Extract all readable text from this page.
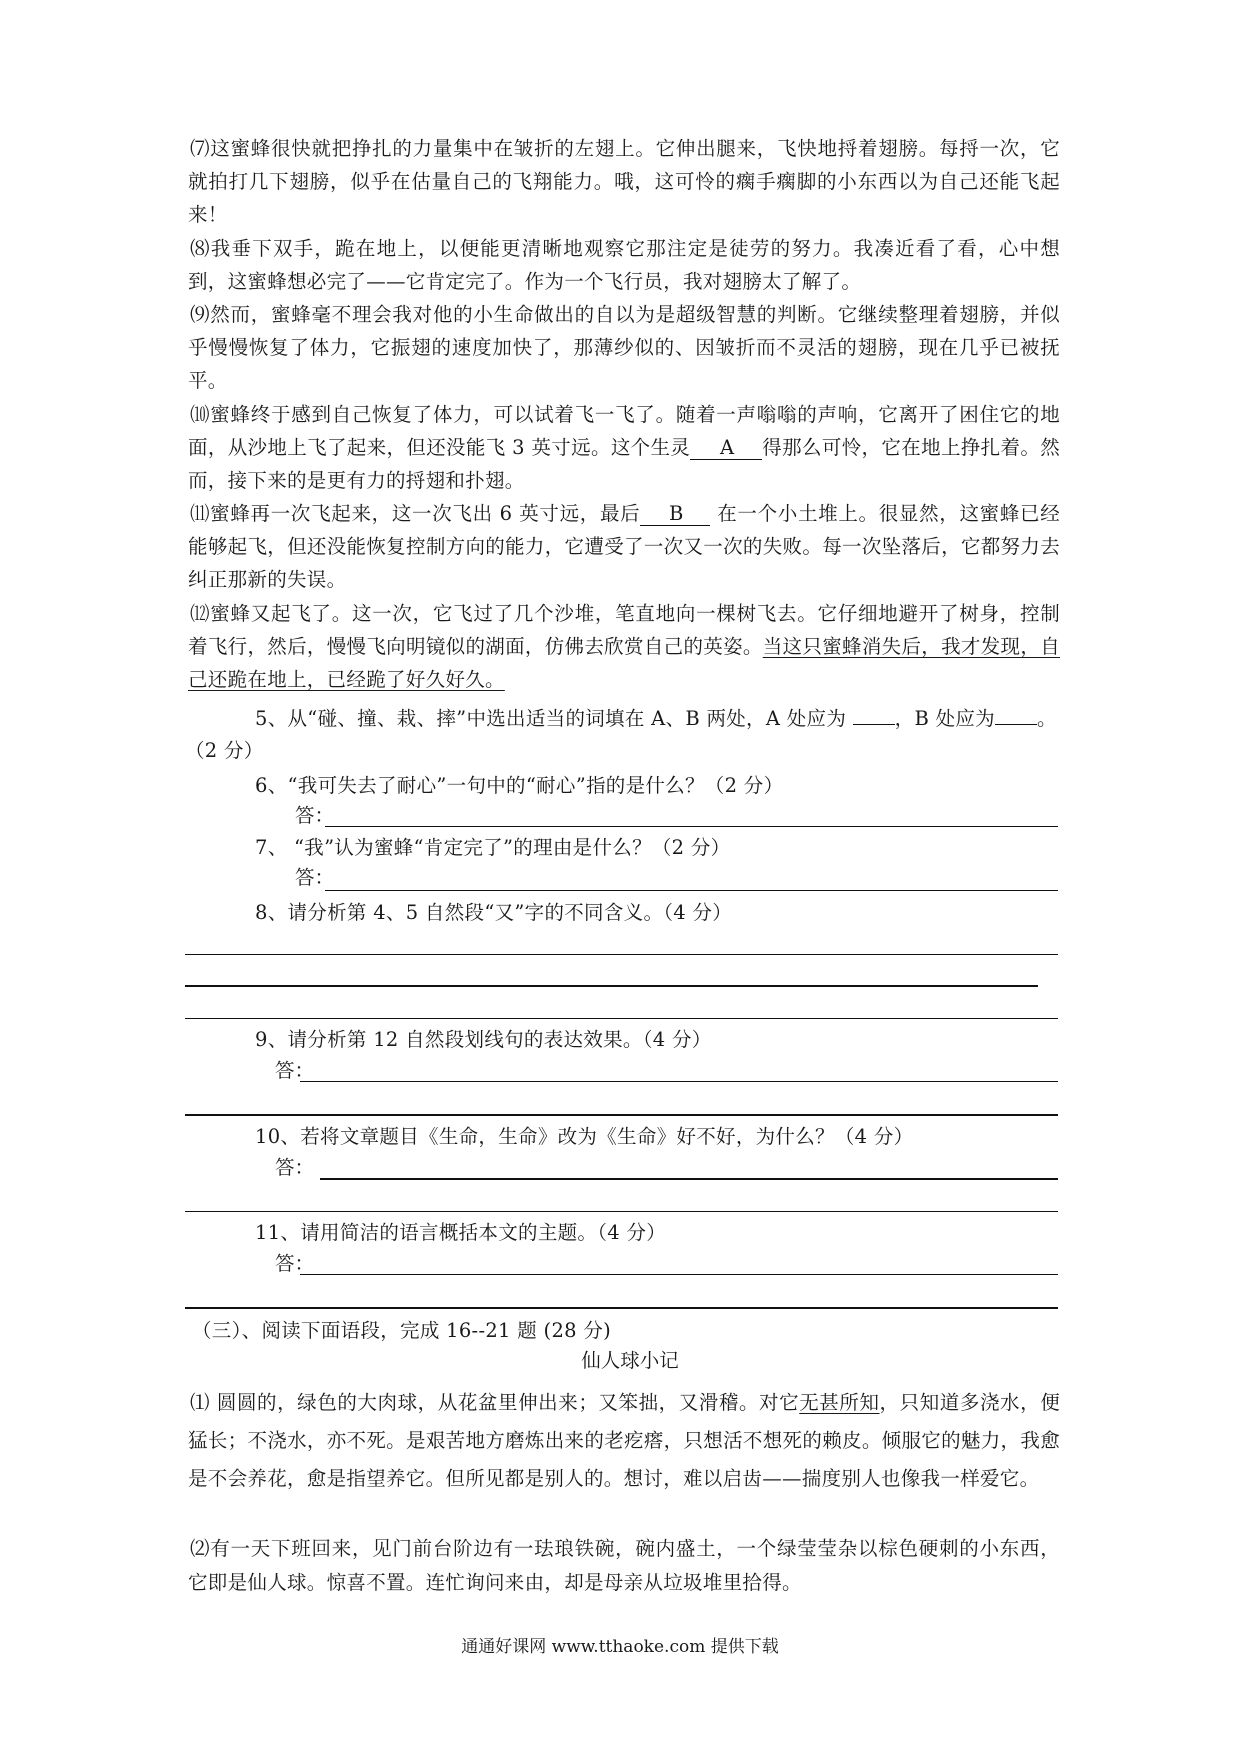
⑺这蜜蜂很快就把挣扎的力量集中在皱折的左翅上。它伸出腿来，飞快地捋着翅膀。每捋一次，它就拍打几下翅膀，似乎在估量自己的飞翔能力。哦，这可怜的瘸手瘸脚的小东西以为自己还能飞起来！
⑻我垂下双手，跪在地上，以便能更清晰地观察它那注定是徒劳的努力。我凑近看了看，心中想到，这蜜蜂想必完了——它肯定完了。作为一个飞行员，我对翅膀太了解了。
⑼然而，蜜蜂毫不理会我对他的小生命做出的自以为是超级智慧的判断。它继续整理着翅膀，并似乎慢慢恢复了体力，它振翅的速度加快了，那薄纱似的、因皱折而不灵活的翅膀，现在几乎已被抚平。
⑽蜜蜂终于感到自己恢复了体力，可以试着飞一飞了。随着一声嗡嗡的声响，它离开了困住它的地面，从沙地上飞了起来，但还没能飞 3 英寸远。这个生灵 A 得那么可怜，它在地上挣扎着。然而，接下来的是更有力的捋翅和扑翅。
⑾蜜蜂再一次飞起来，这一次飞出 6 英寸远，最后 B 在一个小土堆上。很显然，这蜜蜂已经能够起飞，但还没能恢复控制方向的能力，它遭受了一次又一次的失败。每一次坠落后，它都努力去纠正那新的失误。
⑿蜜蜂又起飞了。这一次，它飞过了几个沙堆，笔直地向一棵树飞去。它仔细地避开了树身，控制着飞行，然后，慢慢飞向明镜似的湖面，仿佛去欣赏自己的英姿。当这只蜜蜂消失后，我才发现，自己还跪在地上，已经跪了好久好久。
5、从“碰、撞、栽、摔”中选出适当的词填在 A、B 两处，A 处应为 ，B 处应为 。
（2 分）
6、“我可失去了耐心”一句中的“耐心”指的是什么？（2 分）
答：
7、 “我”认为蜜蜂“肯定完了”的理由是什么？（2 分）
答：
8、请分析第 4、5 自然段“又”字的不同含义。（4 分）
9、请分析第 12 自然段划线句的表达效果。（4 分）
答：
10、若将文章题目《生命，生命》改为《生命》好不好，为什么？（4 分）
答：
11、请用简洁的语言概括本文的主题。（4 分）
答：
（三）、阅读下面语段，完成 16--21 题 (28 分)
仙人球小记
⑴ 圆圆的，绿色的大肉球，从花盆里伸出来；又笨拙，又滑稽。对它无甚所知，只知道多浇水，便猛长；不浇水，亦不死。是艰苦地方磨炼出来的老疙瘩，只想活不想死的赖皮。倾服它的魅力，我愈是不会养花，愈是指望养它。但所见都是别人的。想讨，难以启齿——揣度别人也像我一样爱它。
⑵有一天下班回来，见门前台阶边有一珐琅铁碗，碗内盛土，一个绿莹莹杂以棕色硬刺的小东西，它即是仙人球。惊喜不置。连忙询问来由，却是母亲从垃圾堆里拾得。
通通好课网 www.tthaoke.com 提供下载
